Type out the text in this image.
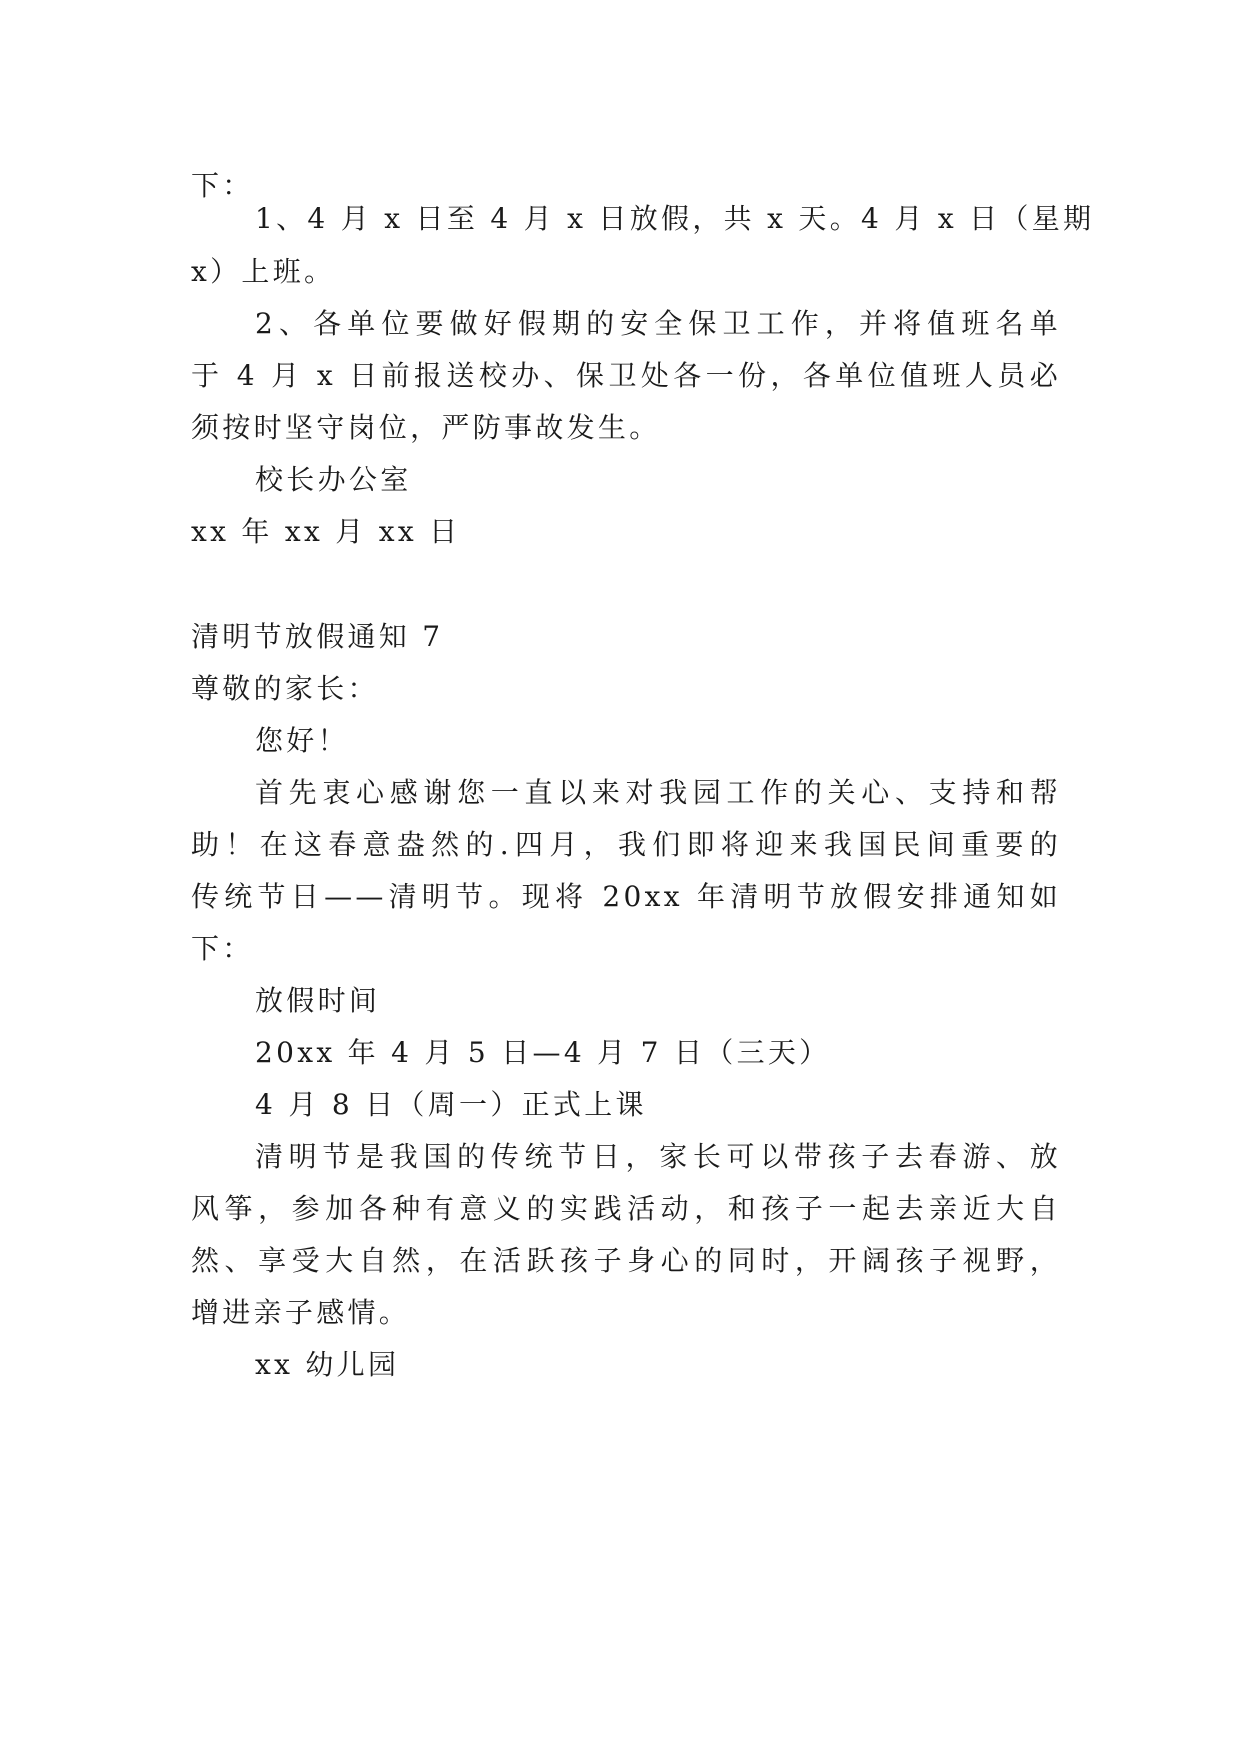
下：
1、4 月 x 日至 4 月 x 日放假，共 x 天。4 月 x 日（星期
x）上班。
2、各单位要做好假期的安全保卫工作，并将值班名单
于 4 月 x 日前报送校办、保卫处各一份，各单位值班人员必
须按时坚守岗位，严防事故发生。
校长办公室
xx 年 xx 月 xx 日
清明节放假通知 7
尊敬的家长：
您好！
首先衷心感谢您一直以来对我园工作的关心、支持和帮
助！在这春意盎然的.四月，我们即将迎来我国民间重要的
传统节日——清明节。现将 20xx 年清明节放假安排通知如
下：
放假时间
20xx 年 4 月 5 日—4 月 7 日（三天）
4 月 8 日（周一）正式上课
清明节是我国的传统节日，家长可以带孩子去春游、放
风筝，参加各种有意义的实践活动，和孩子一起去亲近大自
然、享受大自然，在活跃孩子身心的同时，开阔孩子视野，
增进亲子感情。
xx 幼儿园
